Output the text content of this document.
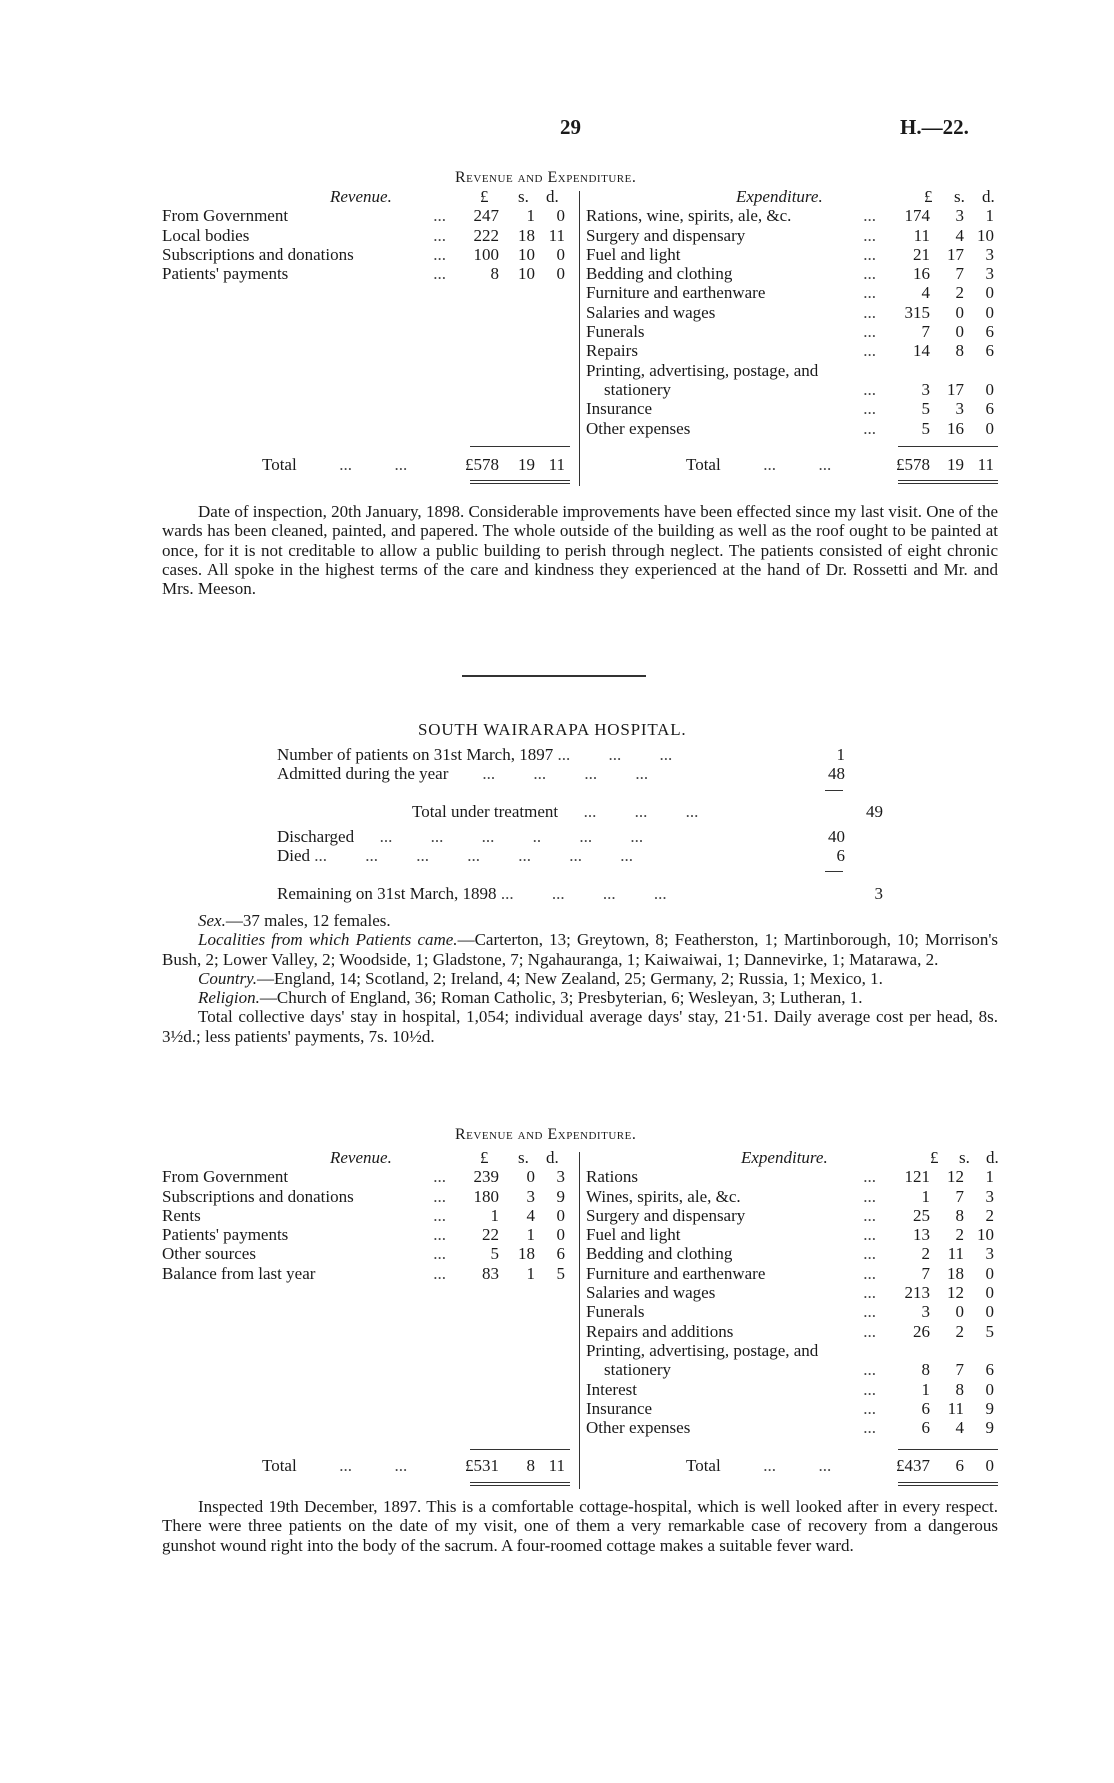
29	H.—22.
Revenue and Expenditure.
Revenue.	£ s. d.
From Government ...	247	1	0
Local bodies ...	222	18	11
Subscriptions and donations ...	100	10	0
Patients' payments ...	8	10	0
Expenditure.	£ s. d.
Rations, wine, spirits, ale, &c. ...	174	3	1
Surgery and dispensary ...	11	4	10
Fuel and light ...	21	17	3
Bedding and clothing ...	16	7	3
Furniture and earthenware ...	4	2	0
Salaries and wages ...	315	0	0
Funerals ...	7	0	6
Repairs ...	14	8	6
Printing, advertising, postage, and			
stationery ...	3	17	0
Insurance ...	5	3	6
Other expenses ...	5	16	0
Total          ...          ...	£578	19	11	Total          ...          ...	£578	19	11

Date of inspection, 20th January, 1898. Considerable improvements have been effected since my last visit. One of the wards has been cleaned, painted, and papered. The whole outside of the building as well as the roof ought to be painted at once, for it is not creditable to allow a public building to perish through neglect. The patients consisted of eight chronic cases. All spoke in the highest terms of the care and kindness they experienced at the hand of Dr. Rossetti and Mr. and Mrs. Meeson.

SOUTH WAIRARAPA HOSPITAL.
Number of patients on 31st March, 1897 ...         ...         ...	1
Admitted during the year        ...         ...         ...         ...	48
Total under treatment      ...         ...         ...	49
Discharged      ...         ...         ...         ..         ...         ...	40
Died ...         ...         ...         ...         ...         ...         ...	6
Remaining on 31st March, 1898 ...         ...         ...         ...	3

Sex.—37 males, 12 females.

Localities from which Patients came.—Carterton, 13; Greytown, 8; Featherston, 1; Martinborough, 10; Morrison's Bush, 2; Lower Valley, 2; Woodside, 1; Gladstone, 7; Ngahauranga, 1; Kaiwaiwai, 1; Dannevirke, 1; Matarawa, 2.

Country.—England, 14; Scotland, 2; Ireland, 4; New Zealand, 25; Germany, 2; Russia, 1; Mexico, 1.

Religion.—Church of England, 36; Roman Catholic, 3; Presbyterian, 6; Wesleyan, 3; Lutheran, 1.

Total collective days' stay in hospital, 1,054; individual average days' stay, 21·51. Daily average cost per head, 8s. 3½d.; less patients' payments, 7s. 10½d.

Revenue and Expenditure.
Revenue.	£ s. d.
From Government ...	239	0	3
Subscriptions and donations ...	180	3	9
Rents ...	1	4	0
Patients' payments ...	22	1	0
Other sources ...	5	18	6
Balance from last year ...	83	1	5
Expenditure.	£ s. d.
Rations ...	121	12	1
Wines, spirits, ale, &c. ...	1	7	3
Surgery and dispensary ...	25	8	2
Fuel and light ...	13	2	10
Bedding and clothing ...	2	11	3
Furniture and earthenware ...	7	18	0
Salaries and wages ...	213	12	0
Funerals ...	3	0	0
Repairs and additions ...	26	2	5
Printing, advertising, postage, and			
stationery ...	8	7	6
Interest ...	1	8	0
Insurance ...	6	11	9
Other expenses ...	6	4	9
Total          ...          ...	£531	8	11	Total          ...          ...	£437	6	0

Inspected 19th December, 1897. This is a comfortable cottage-hospital, which is well looked after in every respect. There were three patients on the date of my visit, one of them a very remarkable case of recovery from a dangerous gunshot wound right into the body of the sacrum. A four-roomed cottage makes a suitable fever ward.
